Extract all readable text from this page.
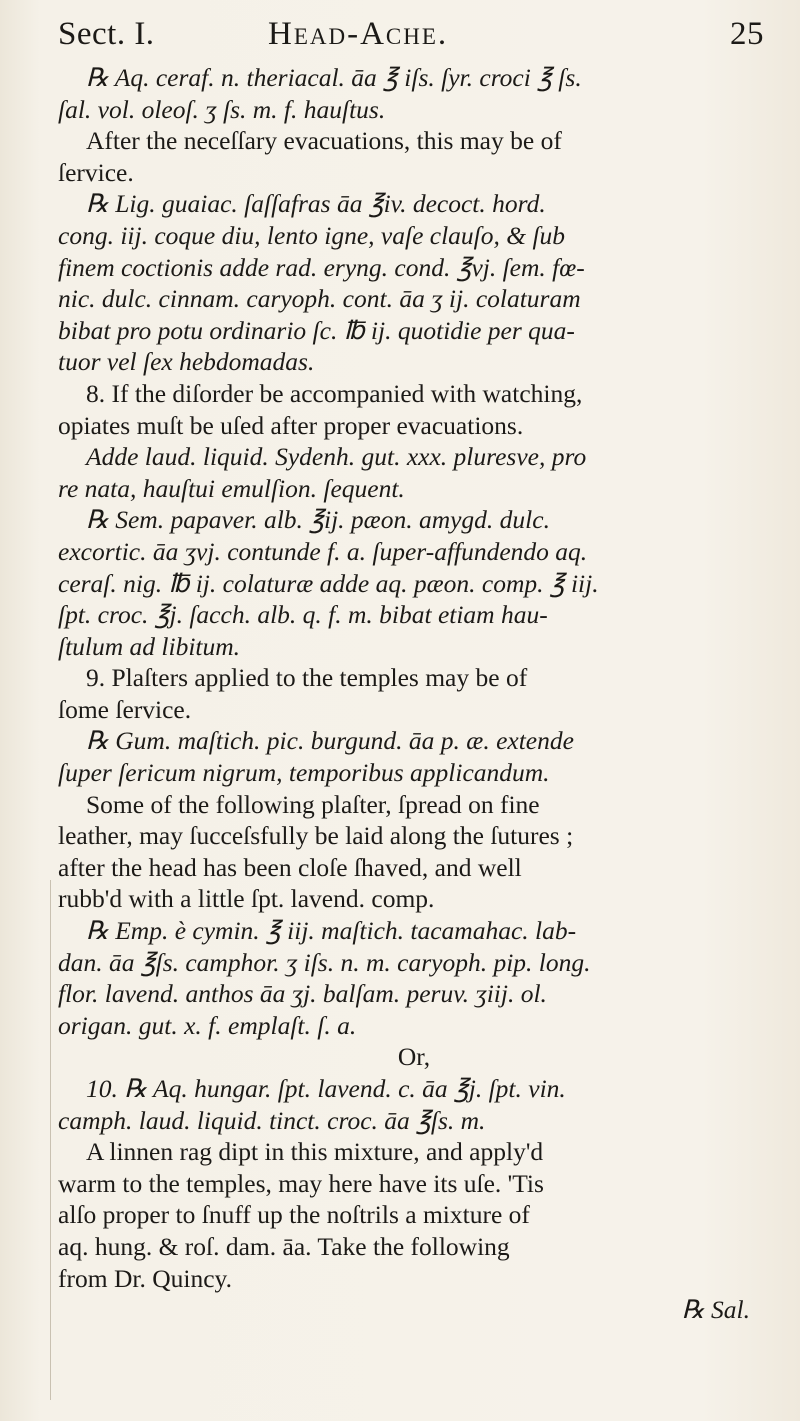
Sect. I.	Head-Ache.	25
℞ Aq. ceraf. n. theriacal. āa ℥ iſs. ſyr. croci ℥ ſs.
ſal. vol. oleoſ. ʒ ſs. m. f. hauſtus.
After the neceſſary evacuations, this may be of
ſervice.
℞ Lig. guaiac. ſaſſafras āa ℥iv. decoct. hord.
cong. iij. coque diu, lento igne, vaſe clauſo, & ſub
finem coctionis adde rad. eryng. cond. ℥vj. ſem. fœ-
nic. dulc. cinnam. caryoph. cont. āa ʒ ij. colaturam
bibat pro potu ordinario ſc. ℔ ij. quotidie per qua-
tuor vel ſex hebdomadas.
8. If the diſorder be accompanied with watching,
opiates muſt be uſed after proper evacuations.
Adde laud. liquid. Sydenh. gut. xxx. pluresve, pro
re nata, hauſtui emulſion. ſequent.
℞ Sem. papaver. alb. ℥ij. pæon. amygd. dulc.
excortic. āa ʒvj. contunde f. a. ſuper-affundendo aq.
ceraſ. nig. ℔ ij. colaturæ adde aq. pæon. comp. ℥ iij.
ſpt. croc. ℥j. ſacch. alb. q. f. m. bibat etiam hau-
ſtulum ad libitum.
9. Plaſters applied to the temples may be of
ſome ſervice.
℞ Gum. maſtich. pic. burgund. āa p. æ. extende
ſuper ſericum nigrum, temporibus applicandum.
Some of the following plaſter, ſpread on fine
leather, may ſucceſsfully be laid along the ſutures ;
after the head has been cloſe ſhaved, and well
rubb'd with a little ſpt. lavend. comp.
℞ Emp. è cymin. ℥ iij. maſtich. tacamahac. lab-
dan. āa ℥ſs. camphor. ʒ iſs. n. m. caryoph. pip. long.
flor. lavend. anthos āa ʒj. balſam. peruv. ʒiij. ol.
origan. gut. x. f. emplaſt. ſ. a.
Or,
10. ℞ Aq. hungar. ſpt. lavend. c. āa ℥j. ſpt. vin.
camph. laud. liquid. tinct. croc. āa ℥ſs. m.
A linnen rag dipt in this mixture, and apply'd
warm to the temples, may here have its uſe. 'Tis
alſo proper to ſnuff up the noſtrils a mixture of
aq. hung. & roſ. dam. āa. Take the following
from Dr. Quincy.
℞ Sal.
